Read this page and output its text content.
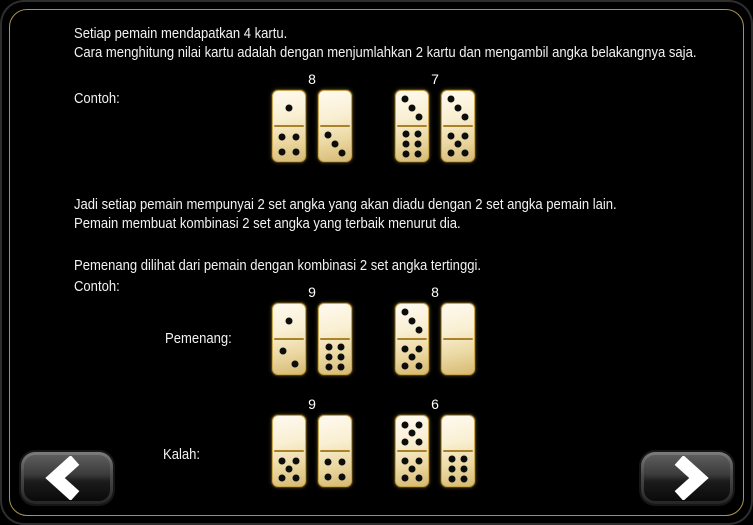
Setiap pemain mendapatkan 4 kartu.
Cara menghitung nilai kartu adalah dengan menjumlahkan 2 kartu dan mengambil angka belakangnya saja.
Contoh:
8	7
Jadi setiap pemain mempunyai 2 set angka yang akan diadu dengan 2 set angka pemain lain.
Pemain membuat kombinasi 2 set angka yang terbaik menurut dia.
Pemenang dilihat dari pemain dengan kombinasi 2 set angka tertinggi.
Contoh:
Pemenang:
9	8
Kalah:
9	6
